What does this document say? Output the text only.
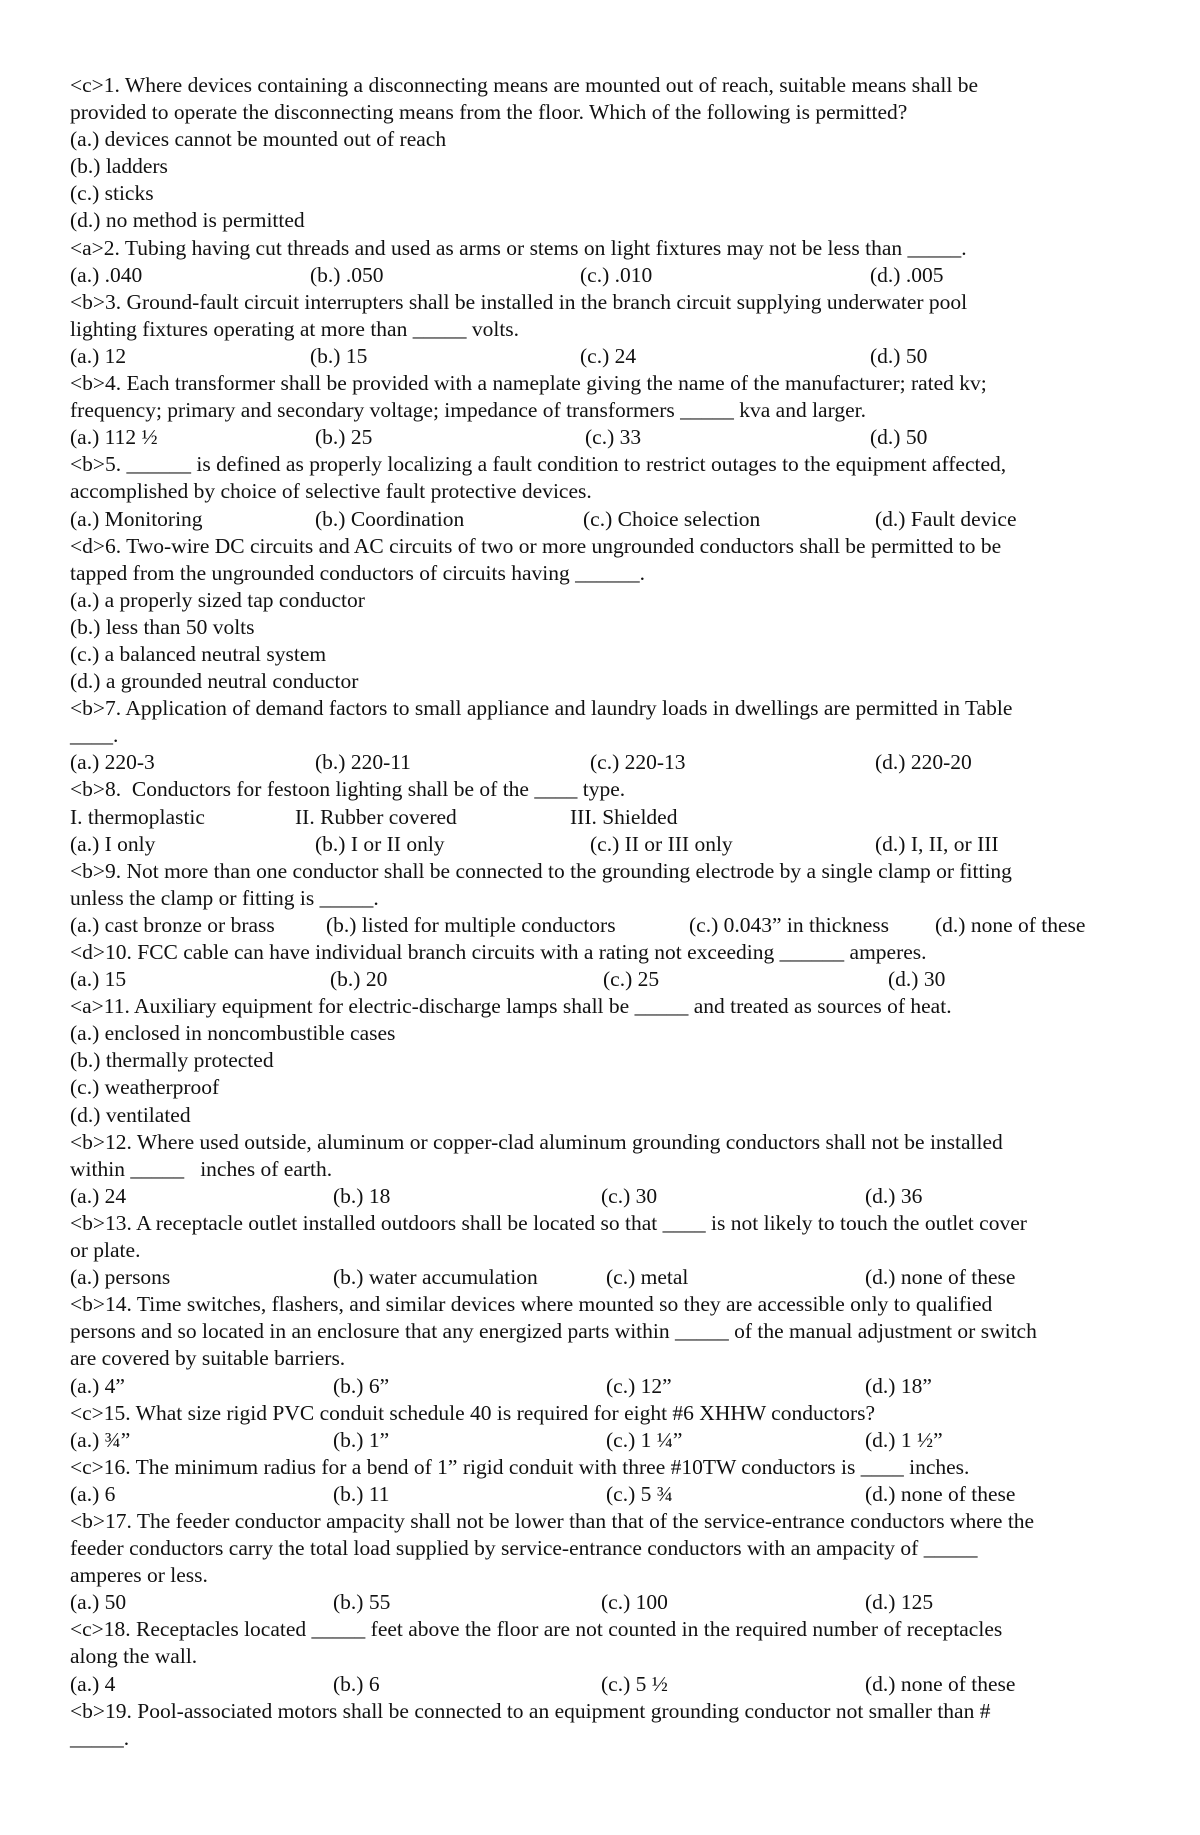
<c>1. Where devices containing a disconnecting means are mounted out of reach, suitable means shall be
provided to operate the disconnecting means from the floor. Which of the following is permitted?
(a.) devices cannot be mounted out of reach
(b.) ladders
(c.) sticks
(d.) no method is permitted
<a>2. Tubing having cut threads and used as arms or stems on light fixtures may not be less than _____.
(a.) .040	(b.) .050	(c.) .010	(d.) .005
<b>3. Ground-fault circuit interrupters shall be installed in the branch circuit supplying underwater pool
lighting fixtures operating at more than _____ volts.
(a.) 12	(b.) 15	(c.) 24	(d.) 50
<b>4. Each transformer shall be provided with a nameplate giving the name of the manufacturer; rated kv;
frequency; primary and secondary voltage; impedance of transformers _____ kva and larger.
(a.) 112 ½	(b.) 25	(c.) 33	(d.) 50
<b>5. ______ is defined as properly localizing a fault condition to restrict outages to the equipment affected,
accomplished by choice of selective fault protective devices.
(a.) Monitoring	(b.) Coordination	(c.) Choice selection	(d.) Fault device
<d>6. Two-wire DC circuits and AC circuits of two or more ungrounded conductors shall be permitted to be
tapped from the ungrounded conductors of circuits having ______.
(a.) a properly sized tap conductor
(b.) less than 50 volts
(c.) a balanced neutral system
(d.) a grounded neutral conductor
<b>7. Application of demand factors to small appliance and laundry loads in dwellings are permitted in Table
____.
(a.) 220-3	(b.) 220-11	(c.) 220-13	(d.) 220-20
<b>8.  Conductors for festoon lighting shall be of the ____ type.
I. thermoplastic	II. Rubber covered	III. Shielded
(a.) I only	(b.) I or II only	(c.) II or III only	(d.) I, II, or III
<b>9. Not more than one conductor shall be connected to the grounding electrode by a single clamp or fitting
unless the clamp or fitting is _____.
(a.) cast bronze or brass	(b.) listed for multiple conductors	(c.) 0.043” in thickness	(d.) none of these
<d>10. FCC cable can have individual branch circuits with a rating not exceeding ______ amperes.
(a.) 15	(b.) 20	(c.) 25	(d.) 30
<a>11. Auxiliary equipment for electric-discharge lamps shall be _____ and treated as sources of heat.
(a.) enclosed in noncombustible cases
(b.) thermally protected
(c.) weatherproof
(d.) ventilated
<b>12. Where used outside, aluminum or copper-clad aluminum grounding conductors shall not be installed
within _____   inches of earth.
(a.) 24	(b.) 18	(c.) 30	(d.) 36
<b>13. A receptacle outlet installed outdoors shall be located so that ____ is not likely to touch the outlet cover
or plate.
(a.) persons	(b.) water accumulation	(c.) metal	(d.) none of these
<b>14. Time switches, flashers, and similar devices where mounted so they are accessible only to qualified
persons and so located in an enclosure that any energized parts within _____ of the manual adjustment or switch
are covered by suitable barriers.
(a.) 4”	(b.) 6”	(c.) 12”	(d.) 18”
<c>15. What size rigid PVC conduit schedule 40 is required for eight #6 XHHW conductors?
(a.) ¾”	(b.) 1”	(c.) 1 ¼”	(d.) 1 ½”
<c>16. The minimum radius for a bend of 1” rigid conduit with three #10TW conductors is ____ inches.
(a.) 6	(b.) 11	(c.) 5 ¾	(d.) none of these
<b>17. The feeder conductor ampacity shall not be lower than that of the service-entrance conductors where the
feeder conductors carry the total load supplied by service-entrance conductors with an ampacity of _____
amperes or less.
(a.) 50	(b.) 55	(c.) 100	(d.) 125
<c>18. Receptacles located _____ feet above the floor are not counted in the required number of receptacles
along the wall.
(a.) 4	(b.) 6	(c.) 5 ½	(d.) none of these
<b>19. Pool-associated motors shall be connected to an equipment grounding conductor not smaller than #
_____.
